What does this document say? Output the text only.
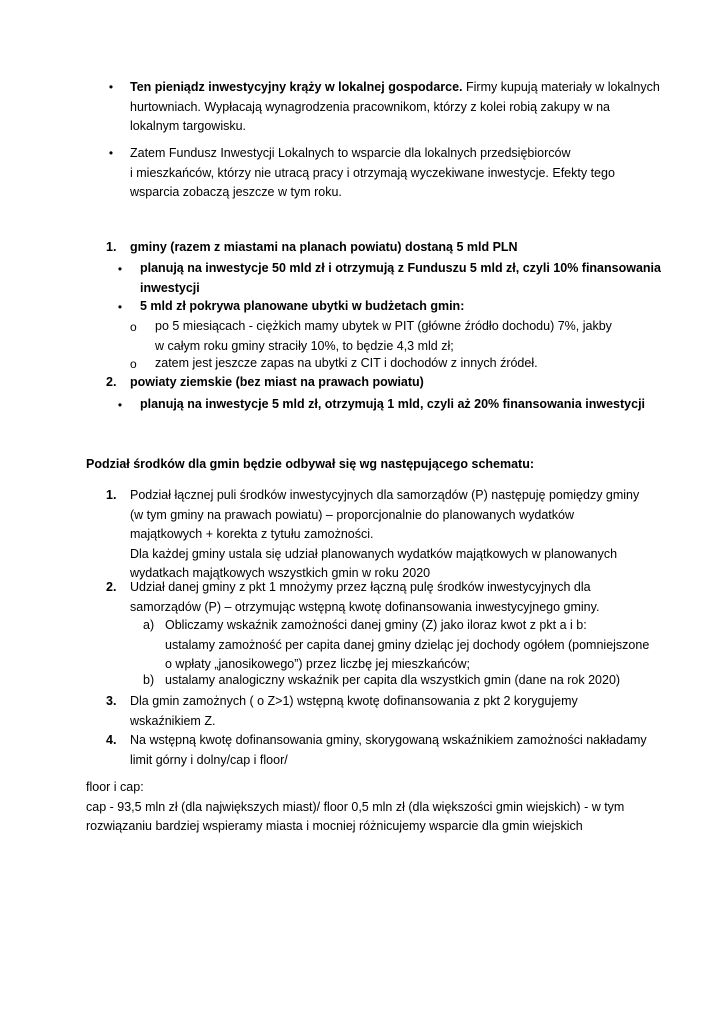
• Ten pieniądz inwestycyjny krąży w lokalnej gospodarce. Firmy kupują materiały w lokalnych
hurtowniach. Wypłacają wynagrodzenia pracownikom, którzy z kolei robią zakupy w na
lokalnym targowisku.
• Zatem Fundusz Inwestycji Lokalnych to wsparcie dla lokalnych przedsiębiorców
i mieszkańców, którzy nie utracą pracy i otrzymają wyczekiwane inwestycje. Efekty tego
wsparcia zobaczą jeszcze w tym roku.
1. gminy (razem z miastami na planach powiatu) dostaną 5 mld PLN
• planują na inwestycje 50 mld zł i otrzymują z Funduszu 5 mld zł, czyli 10% finansowania
inwestycji
• 5 mld zł pokrywa planowane ubytki w budżetach gmin:
o po 5 miesiącach - ciężkich mamy ubytek w PIT (główne źródło dochodu) 7%, jakby
w całym roku gminy straciły 10%, to będzie 4,3 mld zł;
o zatem jest jeszcze zapas na ubytki z CIT i dochodów z innych źródeł.
2. powiaty ziemskie (bez miast na prawach powiatu)
• planują na inwestycje 5 mld zł, otrzymują 1 mld, czyli aż 20% finansowania inwestycji
Podział środków dla gmin będzie odbywał się wg następującego schematu:
1. Podział łącznej puli środków inwestycyjnych dla samorządów (P) następuję pomiędzy gminy
(w tym gminy na prawach powiatu) – proporcjonalnie do planowanych wydatków
majątkowych + korekta z tytułu zamożności.
Dla każdej gminy ustala się udział planowanych wydatków majątkowych w planowanych
wydatkach majątkowych wszystkich gmin w roku 2020
2. Udział danej gminy z pkt 1 mnożymy przez łączną pulę środków inwestycyjnych dla
samorządów (P) – otrzymując wstępną kwotę dofinansowania inwestycyjnego gminy.
a) Obliczamy wskaźnik zamożności danej gminy (Z) jako iloraz kwot z pkt a i b:
ustalamy zamożność per capita danej gminy dzieląc jej dochody ogółem (pomniejszone
o wpłaty „janosikowego”) przez liczbę jej mieszkańców;
b) ustalamy analogiczny wskaźnik per capita dla wszystkich gmin (dane na rok 2020)
3. Dla gmin zamożnych ( o Z>1) wstępną kwotę dofinansowania z pkt 2 korygujemy
wskaźnikiem Z.
4. Na wstępną kwotę dofinansowania gminy, skorygowaną wskaźnikiem zamożności nakładamy
limit górny i dolny/cap i floor/
floor i cap:
cap - 93,5 mln zł (dla największych miast)/ floor 0,5 mln zł (dla większości gmin wiejskich) - w tym
rozwiązaniu bardziej wspieramy miasta i mocniej różnicujemy wsparcie dla gmin wiejskich
